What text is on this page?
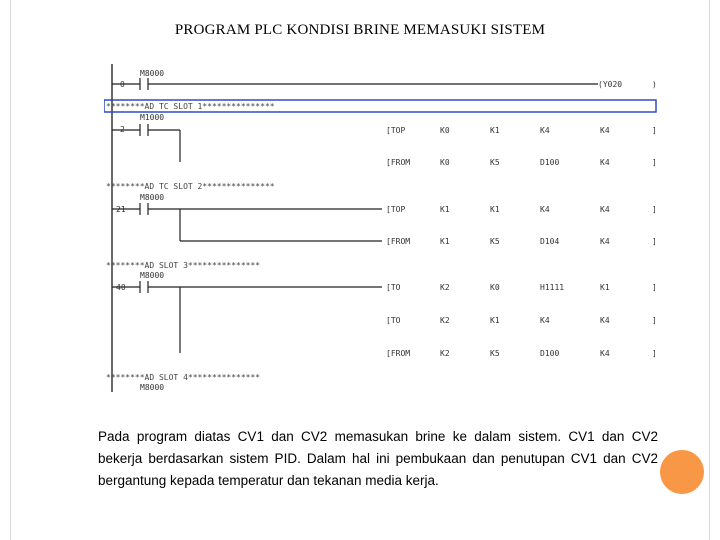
PROGRAM PLC KONDISI BRINE MEMASUKI SISTEM
M8000
0	(Y020	)
********AD TC SLOT 1***************
M1000
2	[TOP	K0	K1	K4	K4	]
[FROM	K0	K5	D100	K4	]
********AD TC SLOT 2***************
M8000
21	[TOP	K1	K1	K4	K4	]
[FROM	K1	K5	D104	K4	]
********AD SLOT 3***************
M8000
40	[TO	K2	K0	H1111	K1	]
[TO	K2	K1	K4	K4	]
[FROM	K2	K5	D100	K4	]
********AD SLOT 4***************
M8000
Pada program diatas CV1 dan CV2 memasukan brine ke dalam sistem. CV1 dan CV2 bekerja berdasarkan sistem PID. Dalam hal ini pembukaan dan penutupan CV1 dan CV2 bergantung kepada temperatur dan tekanan media kerja.
